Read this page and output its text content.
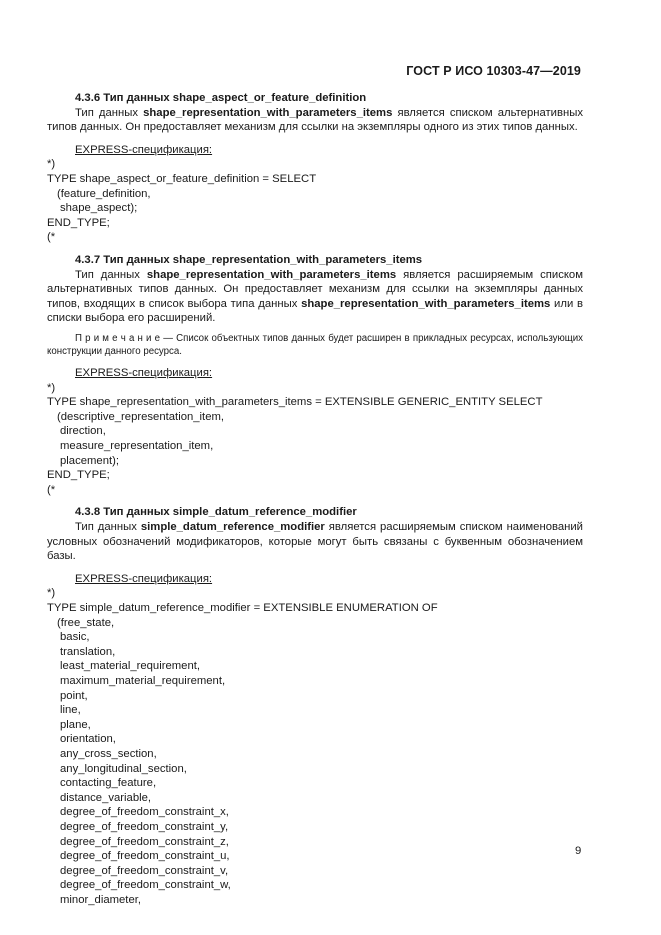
ГОСТ Р ИСО 10303-47—2019
4.3.6 Тип данных shape_aspect_or_feature_definition
Тип данных shape_representation_with_parameters_items является списком альтернативных типов данных. Он предоставляет механизм для ссылки на экземпляры одного из этих типов данных.
EXPRESS-спецификация:
*)
TYPE shape_aspect_or_feature_definition = SELECT
(feature_definition,
shape_aspect);
END_TYPE;
(*
4.3.7 Тип данных shape_representation_with_parameters_items
Тип данных shape_representation_with_parameters_items является расширяемым списком альтернативных типов данных. Он предоставляет механизм для ссылки на экземпляры данных типов, входящих в список выбора типа данных shape_representation_with_parameters_items или в списки выбора его расширений.
П р и м е ч а н и е — Список объектных типов данных будет расширен в прикладных ресурсах, использующих конструкции данного ресурса.
EXPRESS-спецификация:
*)
TYPE shape_representation_with_parameters_items = EXTENSIBLE GENERIC_ENTITY SELECT
(descriptive_representation_item,
direction,
measure_representation_item,
placement);
END_TYPE;
(*
4.3.8 Тип данных simple_datum_reference_modifier
Тип данных simple_datum_reference_modifier является расширяемым списком наименований условных обозначений модификаторов, которые могут быть связаны с буквенным обозначением базы.
EXPRESS-спецификация:
*)
TYPE simple_datum_reference_modifier = EXTENSIBLE ENUMERATION OF
(free_state,
basic,
translation,
least_material_requirement,
maximum_material_requirement,
point,
line,
plane,
orientation,
any_cross_section,
any_longitudinal_section,
contacting_feature,
distance_variable,
degree_of_freedom_constraint_x,
degree_of_freedom_constraint_y,
degree_of_freedom_constraint_z,
degree_of_freedom_constraint_u,
degree_of_freedom_constraint_v,
degree_of_freedom_constraint_w,
minor_diameter,
9
